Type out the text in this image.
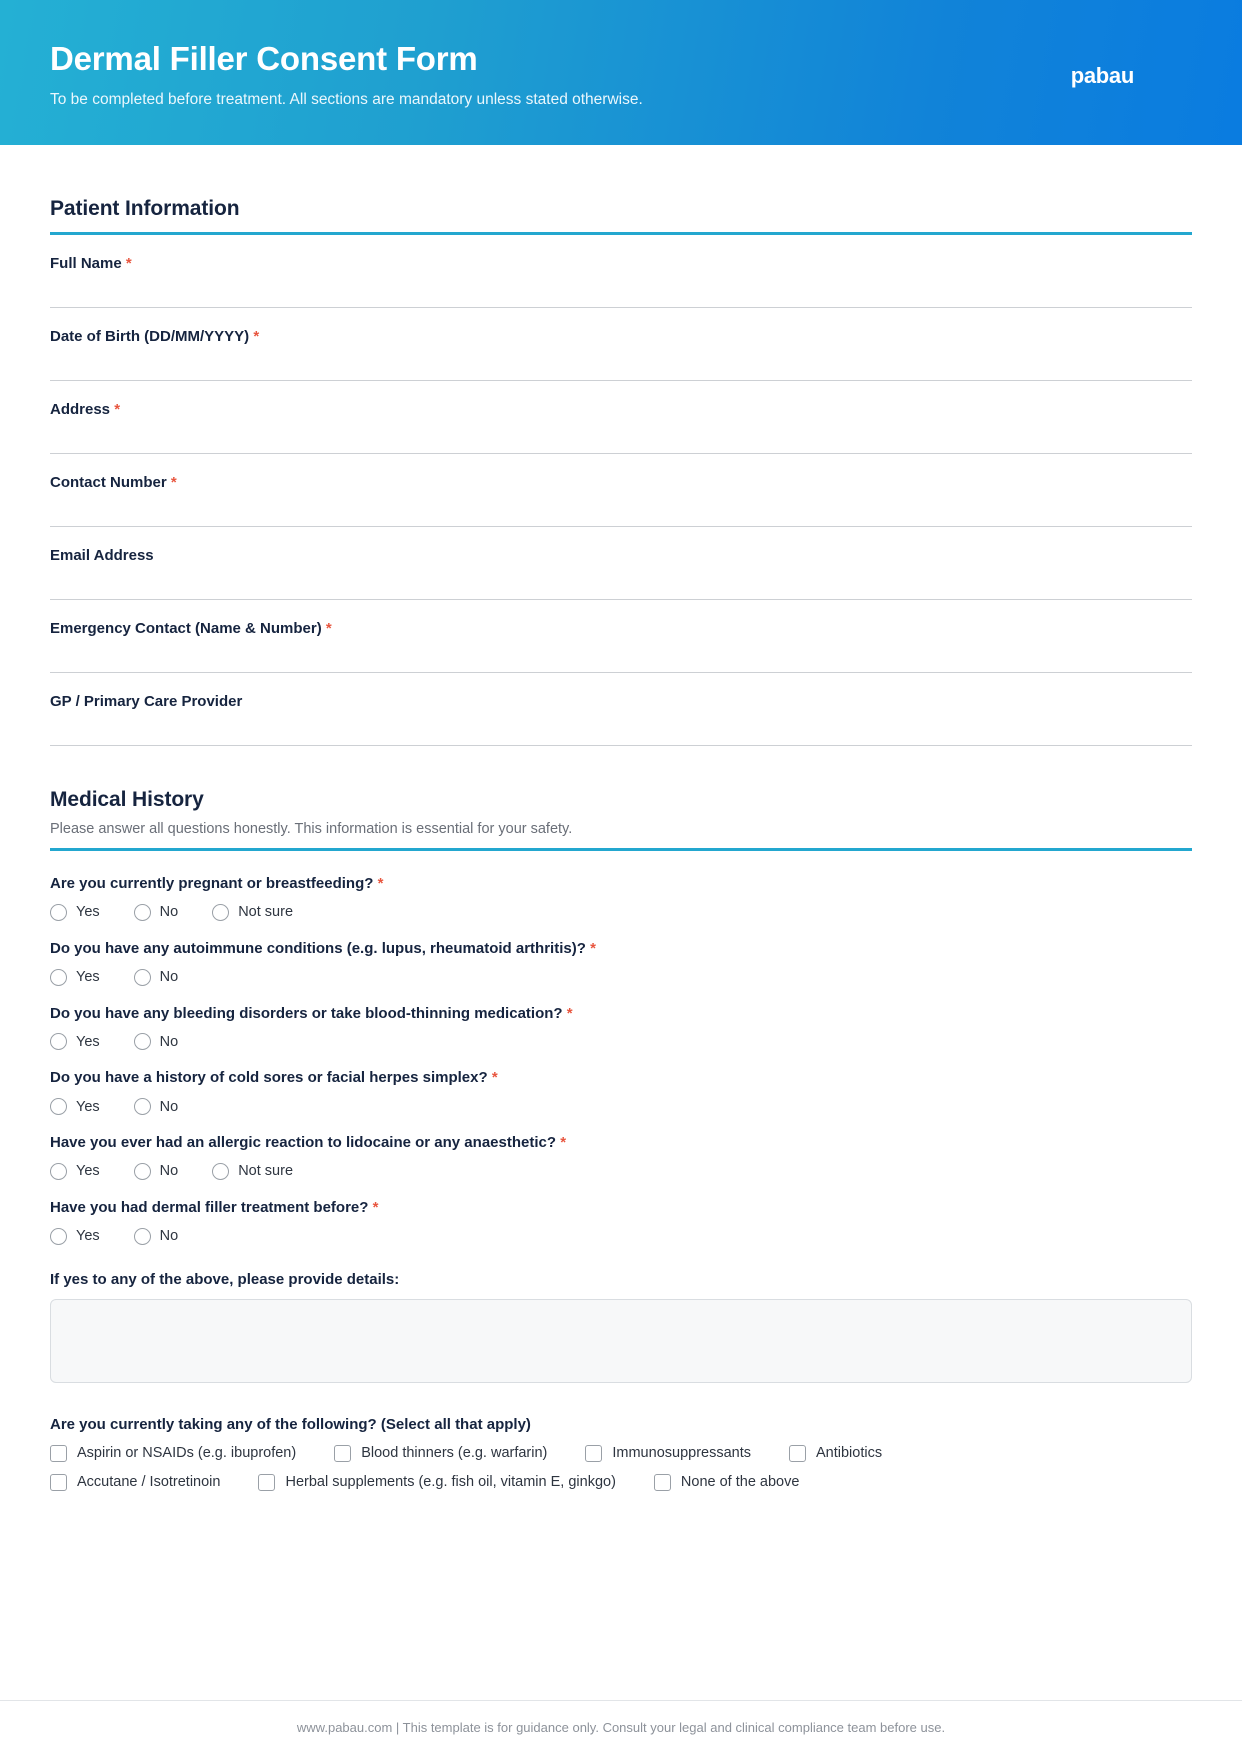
Dermal Filler Consent Form
To be completed before treatment. All sections are mandatory unless stated otherwise.
pabau
Patient Information
Full Name *
Date of Birth (DD/MM/YYYY) *
Address *
Contact Number *
Email Address
Emergency Contact (Name & Number) *
GP / Primary Care Provider
Medical History
Please answer all questions honestly. This information is essential for your safety.
Are you currently pregnant or breastfeeding? *
Yes	No	Not sure
Do you have any autoimmune conditions (e.g. lupus, rheumatoid arthritis)? *
Yes	No
Do you have any bleeding disorders or take blood-thinning medication? *
Yes	No
Do you have a history of cold sores or facial herpes simplex? *
Yes	No
Have you ever had an allergic reaction to lidocaine or any anaesthetic? *
Yes	No	Not sure
Have you had dermal filler treatment before? *
Yes	No
If yes to any of the above, please provide details:
Are you currently taking any of the following? (Select all that apply)
Aspirin or NSAIDs (e.g. ibuprofen)	Blood thinners (e.g. warfarin)	Immunosuppressants	Antibiotics
Accutane / Isotretinoin	Herbal supplements (e.g. fish oil, vitamin E, ginkgo)	None of the above
www.pabau.com | This template is for guidance only. Consult your legal and clinical compliance team before use.
